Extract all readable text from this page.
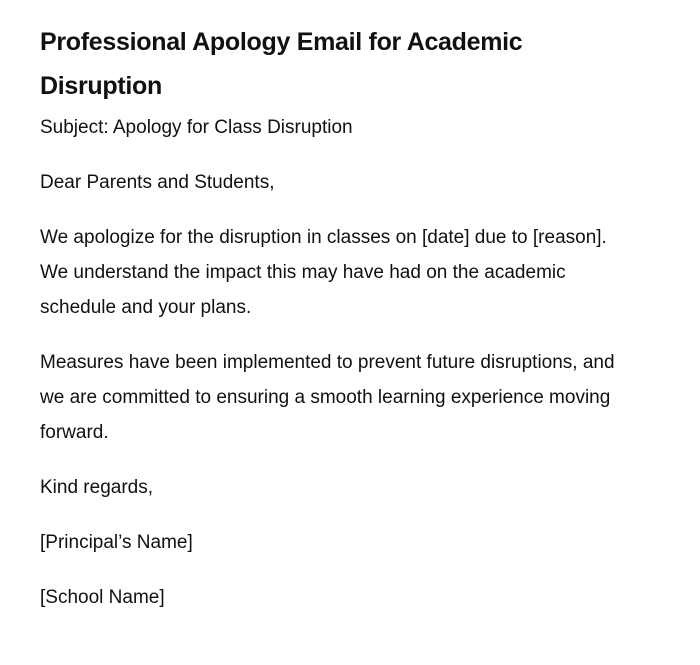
Professional Apology Email for Academic Disruption

Subject: Apology for Class Disruption

Dear Parents and Students,

We apologize for the disruption in classes on [date] due to [reason]. We understand the impact this may have had on the academic schedule and your plans.

Measures have been implemented to prevent future disruptions, and we are committed to ensuring a smooth learning experience moving forward.

Kind regards,

[Principal’s Name]

[School Name]
